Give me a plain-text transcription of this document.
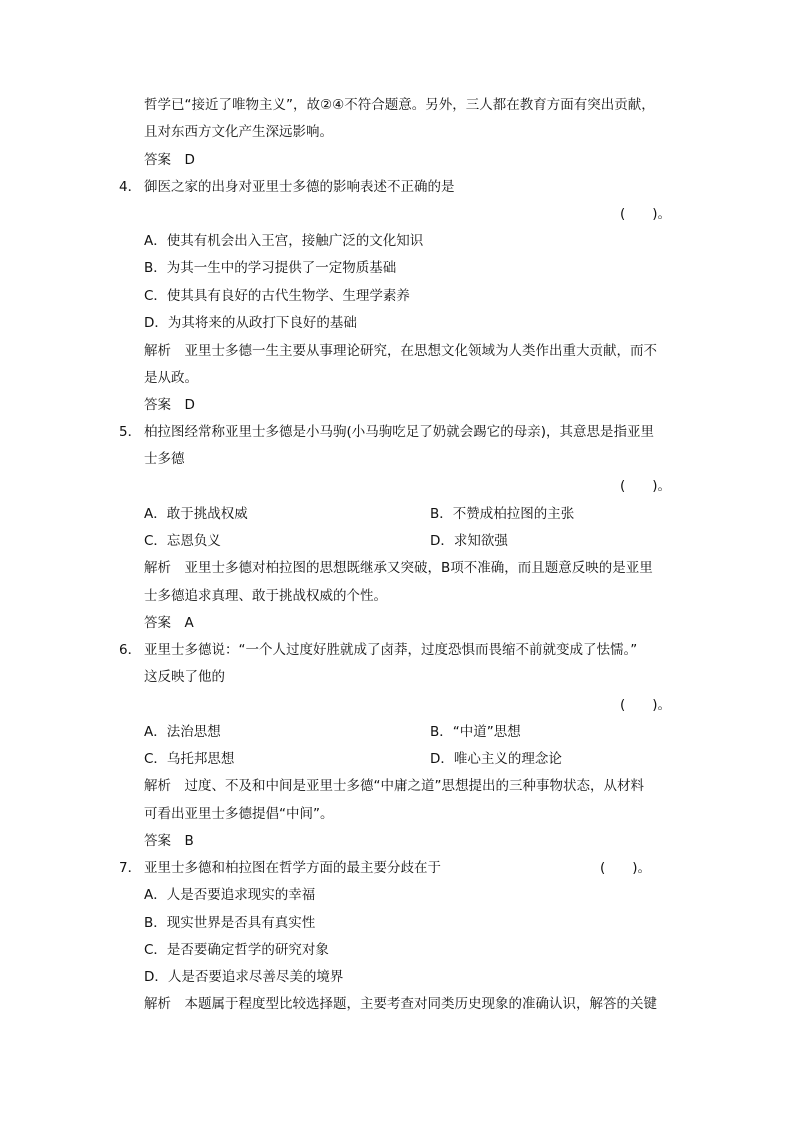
哲学已“接近了唯物主义”，故②④不符合题意。另外，三人都在教育方面有突出贡献，
且对东西方文化产生深远影响。
答案　D
4． 御医之家的出身对亚里士多德的影响表述不正确的是
(　　)。
A．使其有机会出入王宫，接触广泛的文化知识
B．为其一生中的学习提供了一定物质基础
C．使其具有良好的古代生物学、生理学素养
D．为其将来的从政打下良好的基础
解析　亚里士多德一生主要从事理论研究，在思想文化领域为人类作出重大贡献，而不
是从政。
答案　D
5． 柏拉图经常称亚里士多德是小马驹(小马驹吃足了奶就会踢它的母亲)，其意思是指亚里
士多德
(　　)。
A．敢于挑战权威	B．不赞成柏拉图的主张
C．忘恩负义	D．求知欲强
解析　亚里士多德对柏拉图的思想既继承又突破，B项不准确，而且题意反映的是亚里
士多德追求真理、敢于挑战权威的个性。
答案　A
6． 亚里士多德说：“一个人过度好胜就成了卤莽，过度恐惧而畏缩不前就变成了怯懦。”
这反映了他的
(　　)。
A．法治思想	B．“中道”思想
C．乌托邦思想	D．唯心主义的理念论
解析　过度、不及和中间是亚里士多德“中庸之道”思想提出的三种事物状态，从材料
可看出亚里士多德提倡“中间”。
答案　B
7． 亚里士多德和柏拉图在哲学方面的最主要分歧在于	(　　)。
A．人是否要追求现实的幸福
B．现实世界是否具有真实性
C．是否要确定哲学的研究对象
D．人是否要追求尽善尽美的境界
解析　本题属于程度型比较选择题，主要考查对同类历史现象的准确认识，解答的关键
